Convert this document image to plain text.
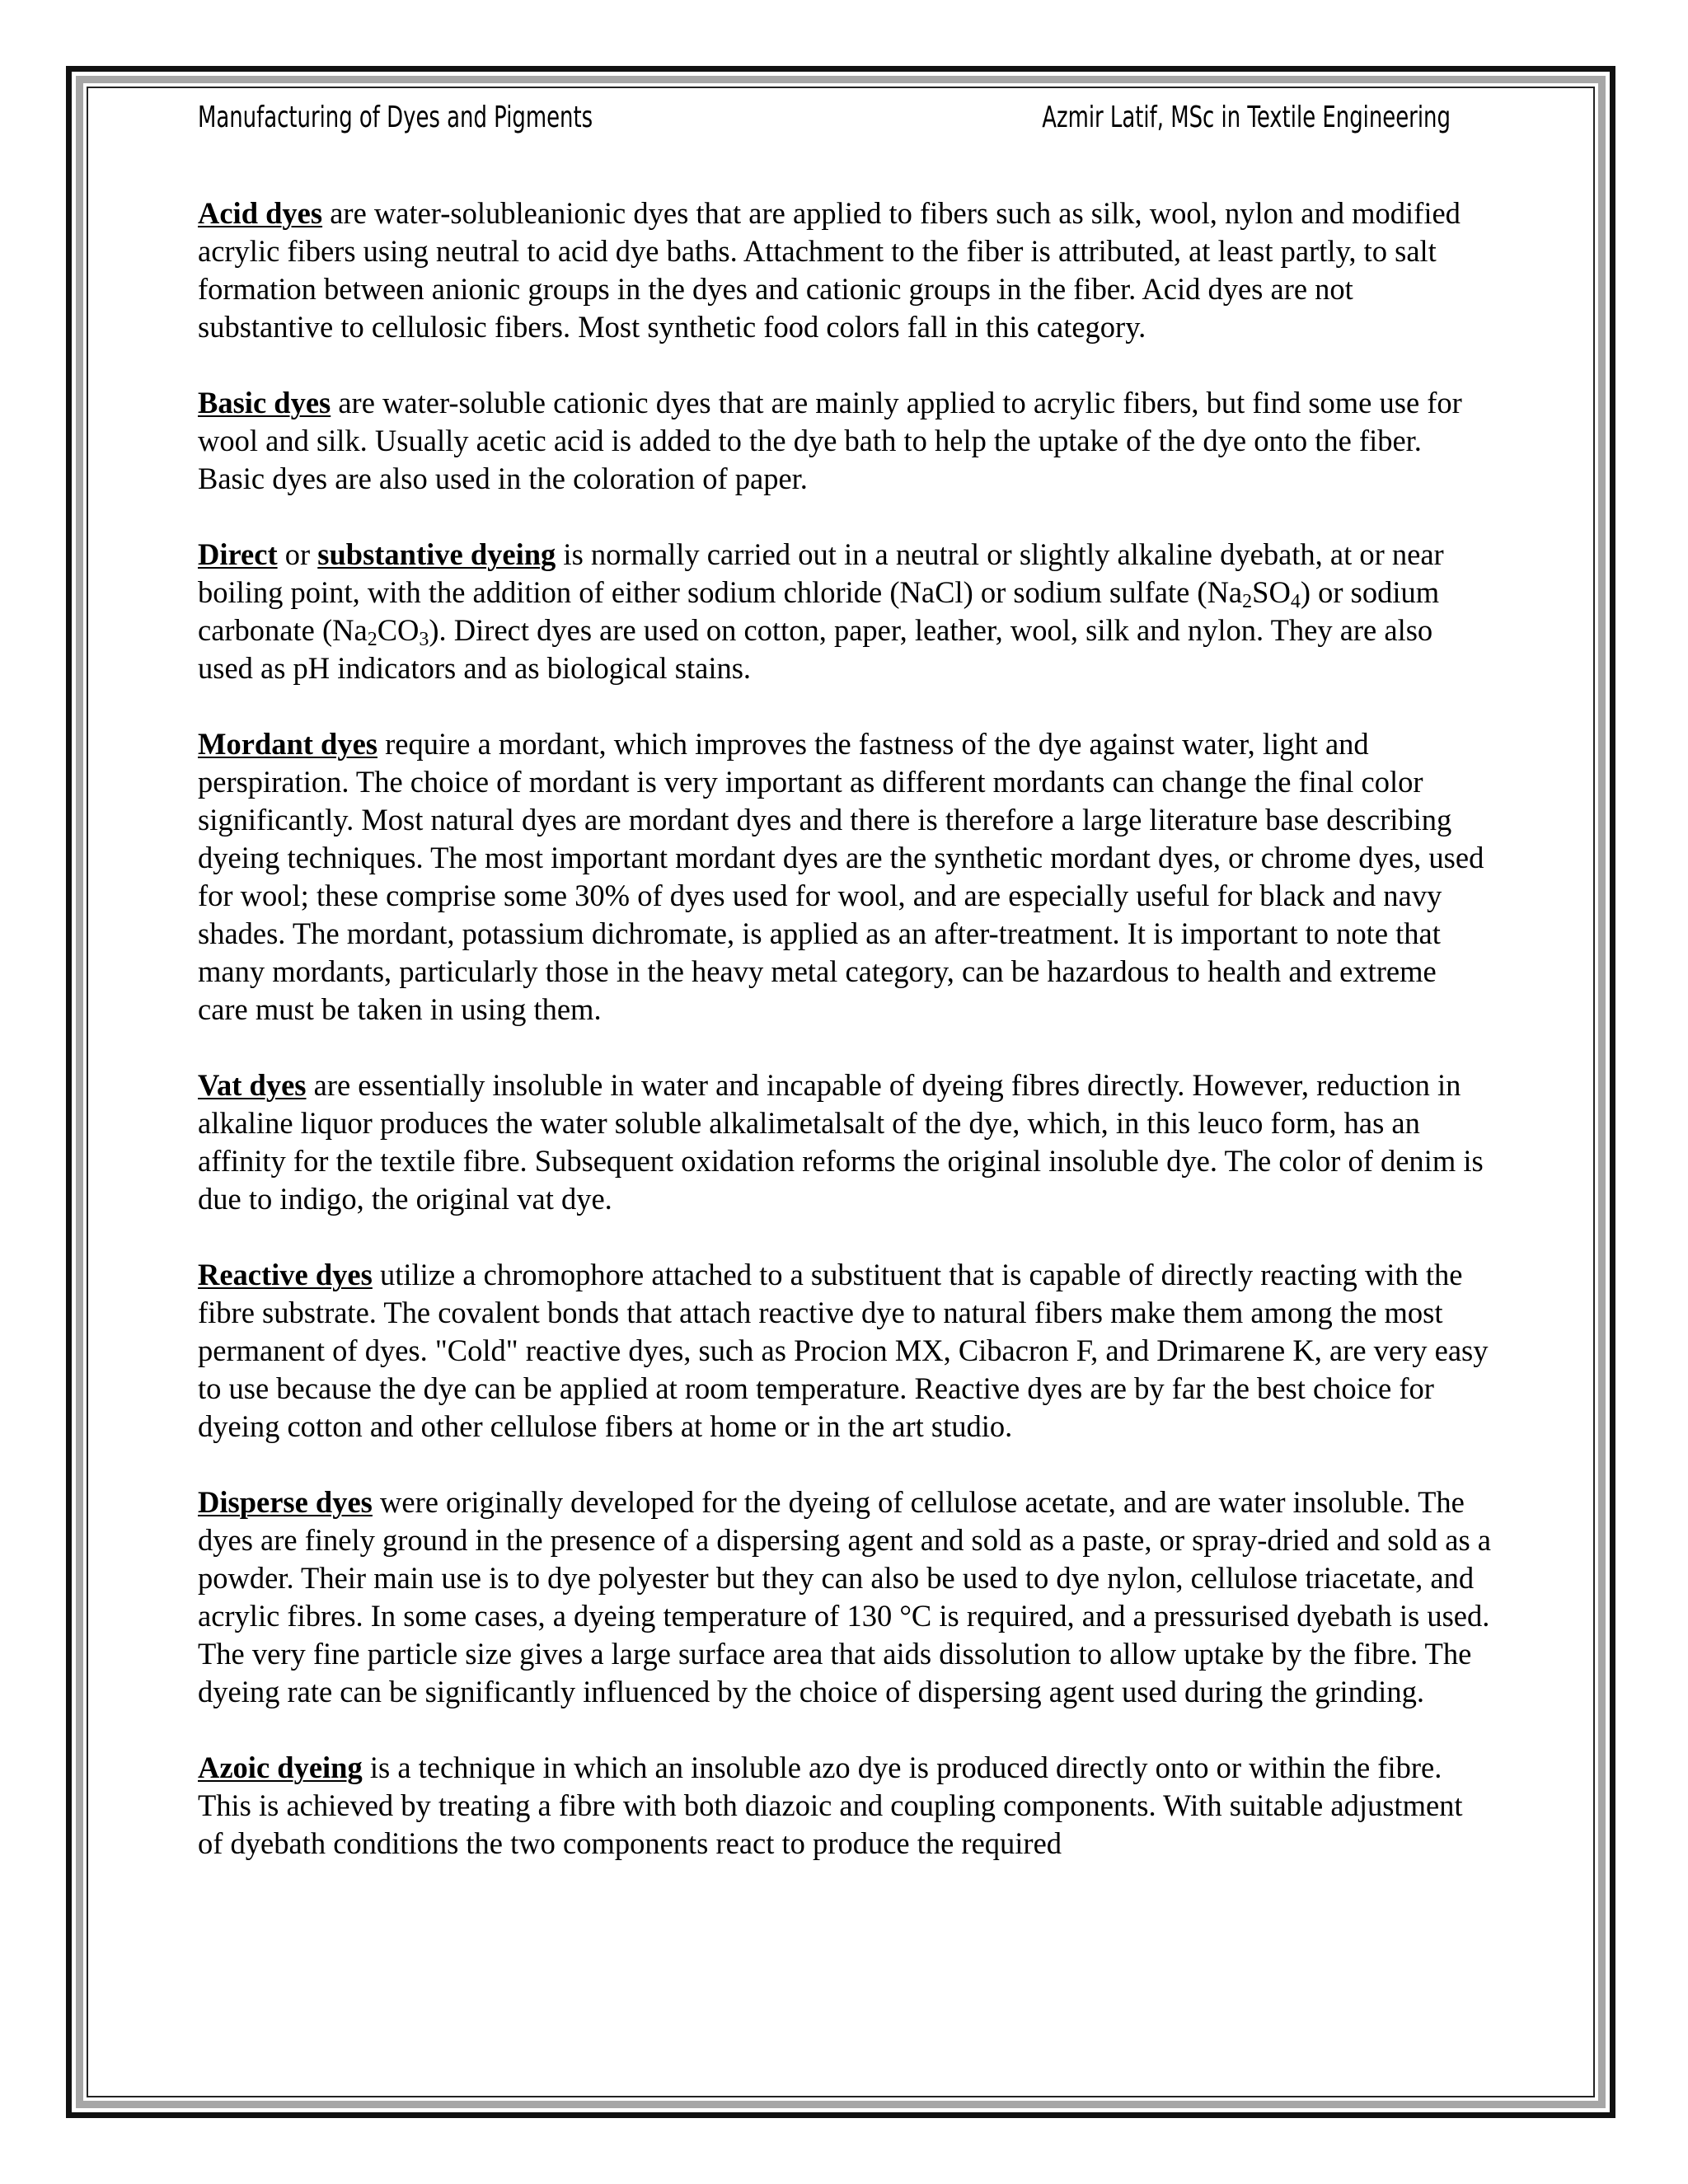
Manufacturing of Dyes and Pigments	Azmir Latif, MSc in Textile Engineering

Acid dyes are water-solubleanionic dyes that are applied to fibers such as silk, wool, nylon and modified acrylic fibers using neutral to acid dye baths. Attachment to the fiber is attributed, at least partly, to salt formation between anionic groups in the dyes and cationic groups in the fiber. Acid dyes are not substantive to cellulosic fibers. Most synthetic food colors fall in this category.

Basic dyes are water-soluble cationic dyes that are mainly applied to acrylic fibers, but find some use for wool and silk. Usually acetic acid is added to the dye bath to help the uptake of the dye onto the fiber. Basic dyes are also used in the coloration of paper.

Direct or substantive dyeing is normally carried out in a neutral or slightly alkaline dyebath, at or near boiling point, with the addition of either sodium chloride (NaCl) or sodium sulfate $(Na_2SO_4)$ or sodium carbonate $(Na_2CO_3)$. Direct dyes are used on cotton, paper, leather, wool, silk and nylon. They are also used as pH indicators and as biological stains.

Mordant dyes require a mordant, which improves the fastness of the dye against water, light and perspiration. The choice of mordant is very important as different mordants can change the final color significantly. Most natural dyes are mordant dyes and there is therefore a large literature base describing dyeing techniques. The most important mordant dyes are the synthetic mordant dyes, or chrome dyes, used for wool; these comprise some 30% of dyes used for wool, and are especially useful for black and navy shades. The mordant, potassium dichromate, is applied as an after-treatment. It is important to note that many mordants, particularly those in the heavy metal category, can be hazardous to health and extreme care must be taken in using them.

Vat dyes are essentially insoluble in water and incapable of dyeing fibres directly. However, reduction in alkaline liquor produces the water soluble alkalimetalsalt of the dye, which, in this leuco form, has an affinity for the textile fibre. Subsequent oxidation reforms the original insoluble dye. The color of denim is due to indigo, the original vat dye.

Reactive dyes utilize a chromophore attached to a substituent that is capable of directly reacting with the fibre substrate. The covalent bonds that attach reactive dye to natural fibers make them among the most permanent of dyes. "Cold" reactive dyes, such as Procion MX, Cibacron F, and Drimarene K, are very easy to use because the dye can be applied at room temperature. Reactive dyes are by far the best choice for dyeing cotton and other cellulose fibers at home or in the art studio.

Disperse dyes were originally developed for the dyeing of cellulose acetate, and are water insoluble. The dyes are finely ground in the presence of a dispersing agent and sold as a paste, or spray-dried and sold as a powder. Their main use is to dye polyester but they can also be used to dye nylon, cellulose triacetate, and acrylic fibres. In some cases, a dyeing temperature of 130 °C is required, and a pressurised dyebath is used. The very fine particle size gives a large surface area that aids dissolution to allow uptake by the fibre. The dyeing rate can be significantly influenced by the choice of dispersing agent used during the grinding.

Azoic dyeing is a technique in which an insoluble azo dye is produced directly onto or within the fibre. This is achieved by treating a fibre with both diazoic and coupling components. With suitable adjustment of dyebath conditions the two components react to produce the required
